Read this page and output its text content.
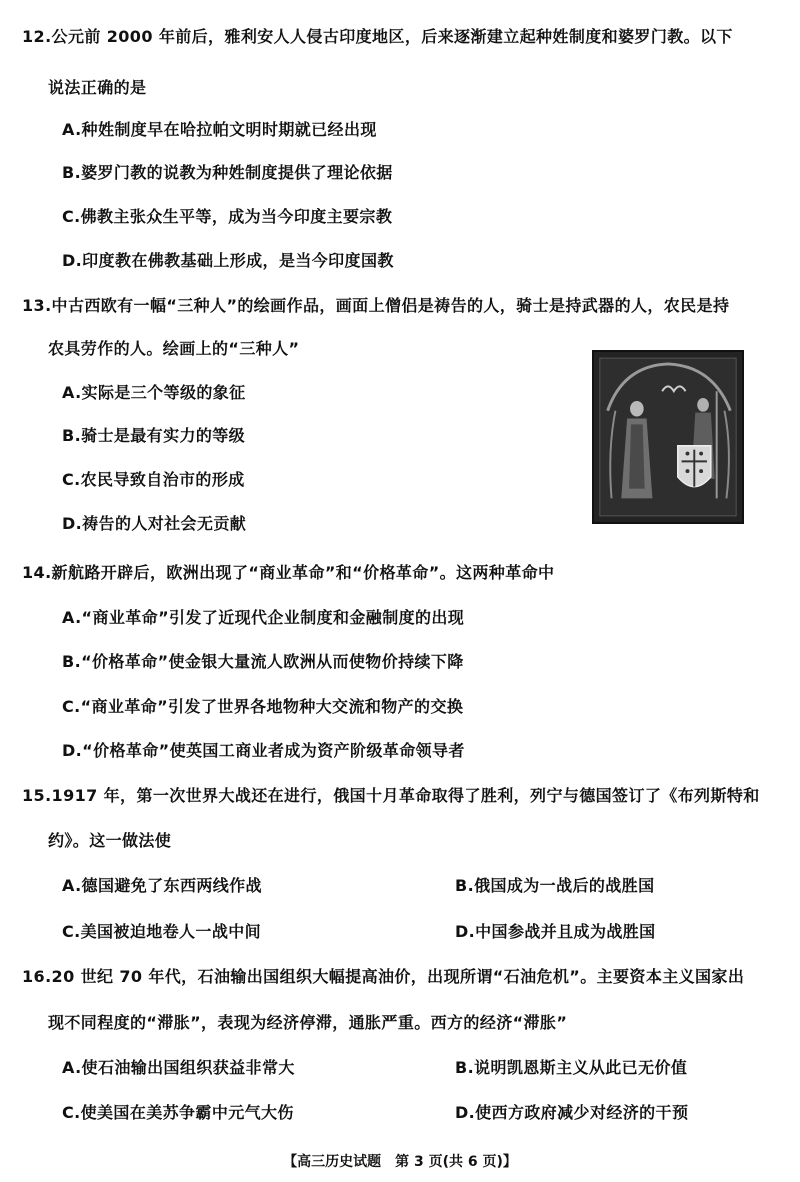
12.公元前 2000 年前后，雅利安人人侵古印度地区，后来逐渐建立起种姓制度和婆罗门教。以下
说法正确的是
A.种姓制度早在哈拉帕文明时期就已经出现
B.婆罗门教的说教为种姓制度提供了理论依据
C.佛教主张众生平等，成为当今印度主要宗教
D.印度教在佛教基础上形成，是当今印度国教
13.中古西欧有一幅“三种人”的绘画作品，画面上僧侣是祷告的人，骑士是持武器的人，农民是持
农具劳作的人。绘画上的“三种人”
A.实际是三个等级的象征
B.骑士是最有实力的等级
C.农民导致自治市的形成
D.祷告的人对社会无贡献
14.新航路开辟后，欧洲出现了“商业革命”和“价格革命”。这两种革命中
A.“商业革命”引发了近现代企业制度和金融制度的出现
B.“价格革命”使金银大量流人欧洲从而使物价持续下降
C.“商业革命”引发了世界各地物种大交流和物产的交换
D.“价格革命”使英国工商业者成为资产阶级革命领导者
15.1917 年，第一次世界大战还在进行，俄国十月革命取得了胜利，列宁与德国签订了《布列斯特和
约》。这一做法使
A.德国避免了东西两线作战	B.俄国成为一战后的战胜国
C.美国被迫地卷人一战中间	D.中国参战并且成为战胜国
16.20 世纪 70 年代，石油输出国组织大幅提高油价，出现所谓“石油危机”。主要资本主义国家出
现不同程度的“滞胀”，表现为经济停滞，通胀严重。西方的经济“滞胀”
A.使石油输出国组织获益非常大	B.说明凯恩斯主义从此已无价值
C.使美国在美苏争霸中元气大伤	D.使西方政府减少对经济的干预
【高三历史试题　第 3 页(共 6 页)】
